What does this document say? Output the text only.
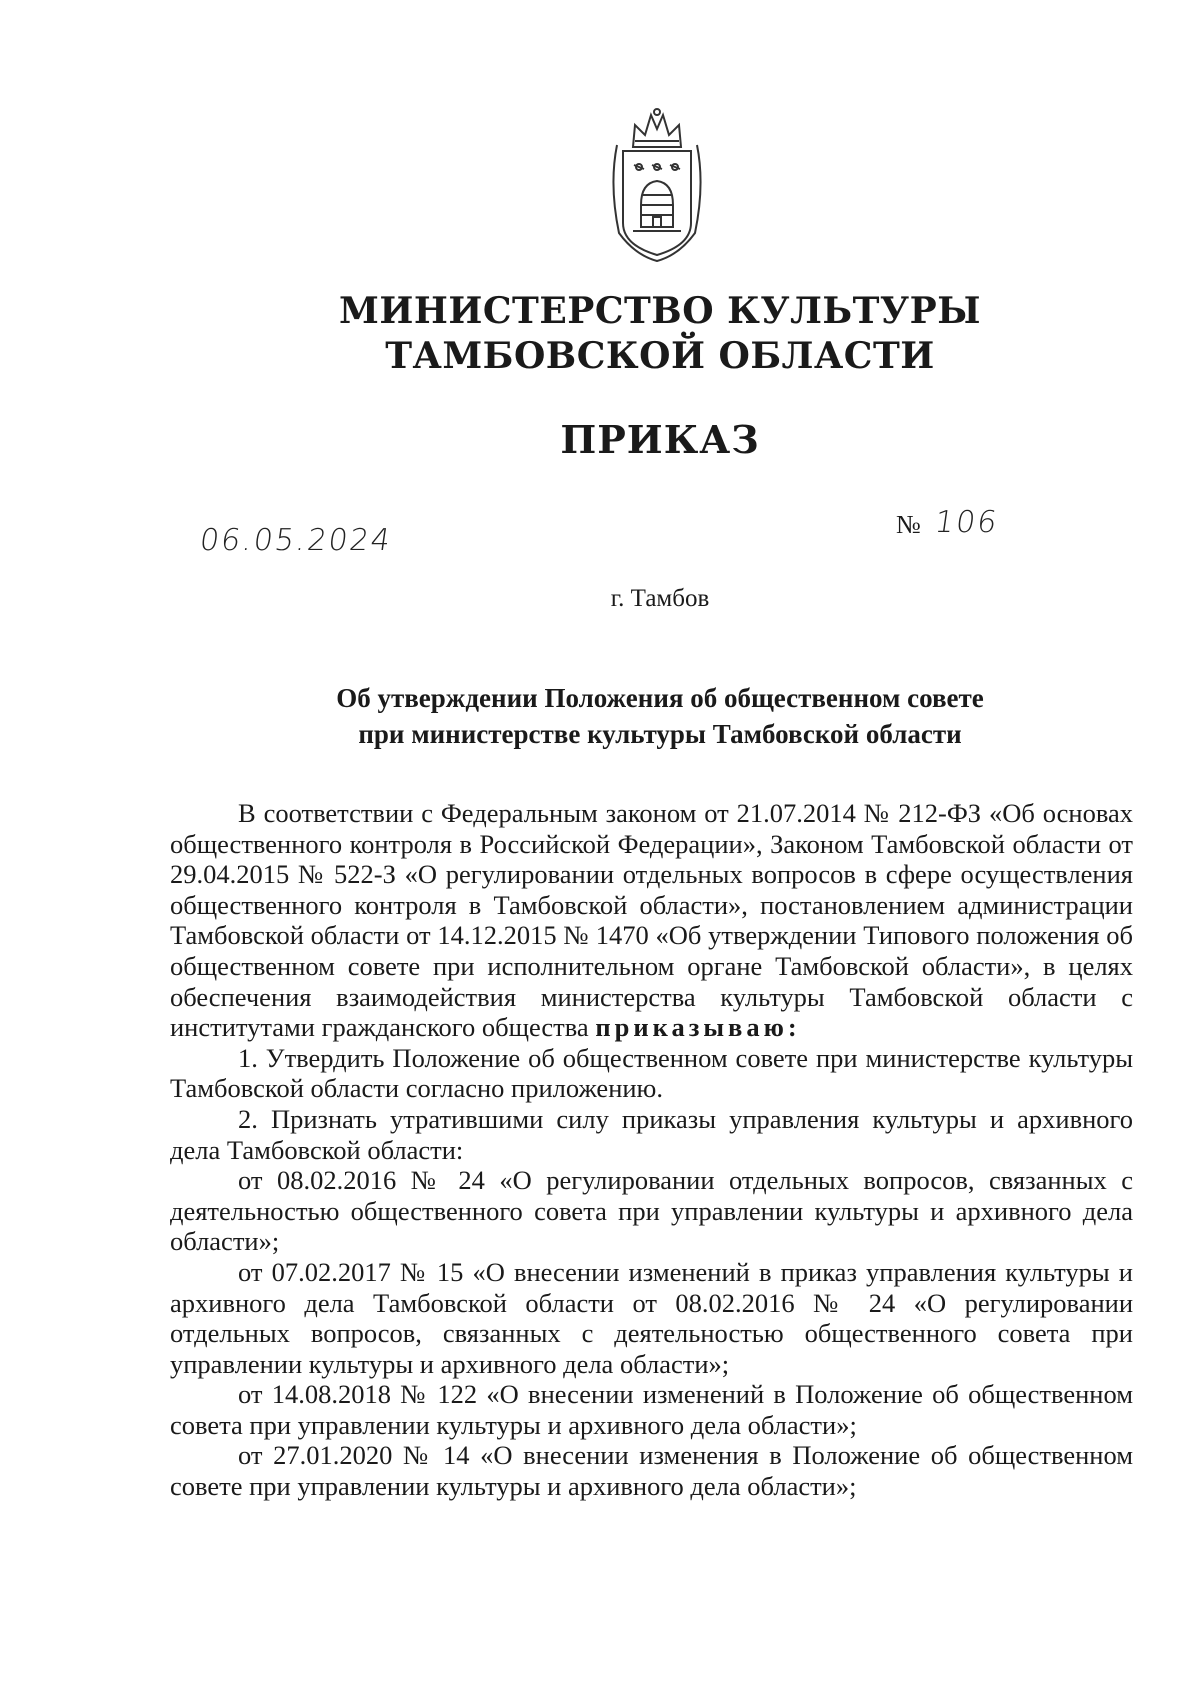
МИНИСТЕРСТВО КУЛЬТУРЫ
ТАМБОВСКОЙ ОБЛАСТИ
ПРИКАЗ
06.05.2024	№ 106
г. Тамбов
Об утверждении Положения об общественном совете
при министерстве культуры Тамбовской области

В соответствии с Федеральным законом от 21.07.2014 № 212-ФЗ «Об основах общественного контроля в Российской Федерации», Законом Тамбовской области от 29.04.2015 № 522-З «О регулировании отдельных вопросов в сфере осуществления общественного контроля в Тамбовской области», постановлением администрации Тамбовской области от 14.12.2015 № 1470 «Об утверждении Типового положения об общественном совете при исполнительном органе Тамбовской области», в целях обеспечения взаимодействия министерства культуры Тамбовской области с институтами гражданского общества приказываю:

1. Утвердить Положение об общественном совете при министерстве культуры Тамбовской области согласно приложению.

2. Признать утратившими силу приказы управления культуры и архивного дела Тамбовской области:

от 08.02.2016 № 24 «О регулировании отдельных вопросов, связанных с деятельностью общественного совета при управлении культуры и архивного дела области»;

от 07.02.2017 № 15 «О внесении изменений в приказ управления культуры и архивного дела Тамбовской области от 08.02.2016 № 24 «О регулировании отдельных вопросов, связанных с деятельностью общественного совета при управлении культуры и архивного дела области»;

от 14.08.2018 № 122 «О внесении изменений в Положение об общественном совета при управлении культуры и архивного дела области»;

от 27.01.2020 № 14 «О внесении изменения в Положение об общественном совете при управлении культуры и архивного дела области»;
